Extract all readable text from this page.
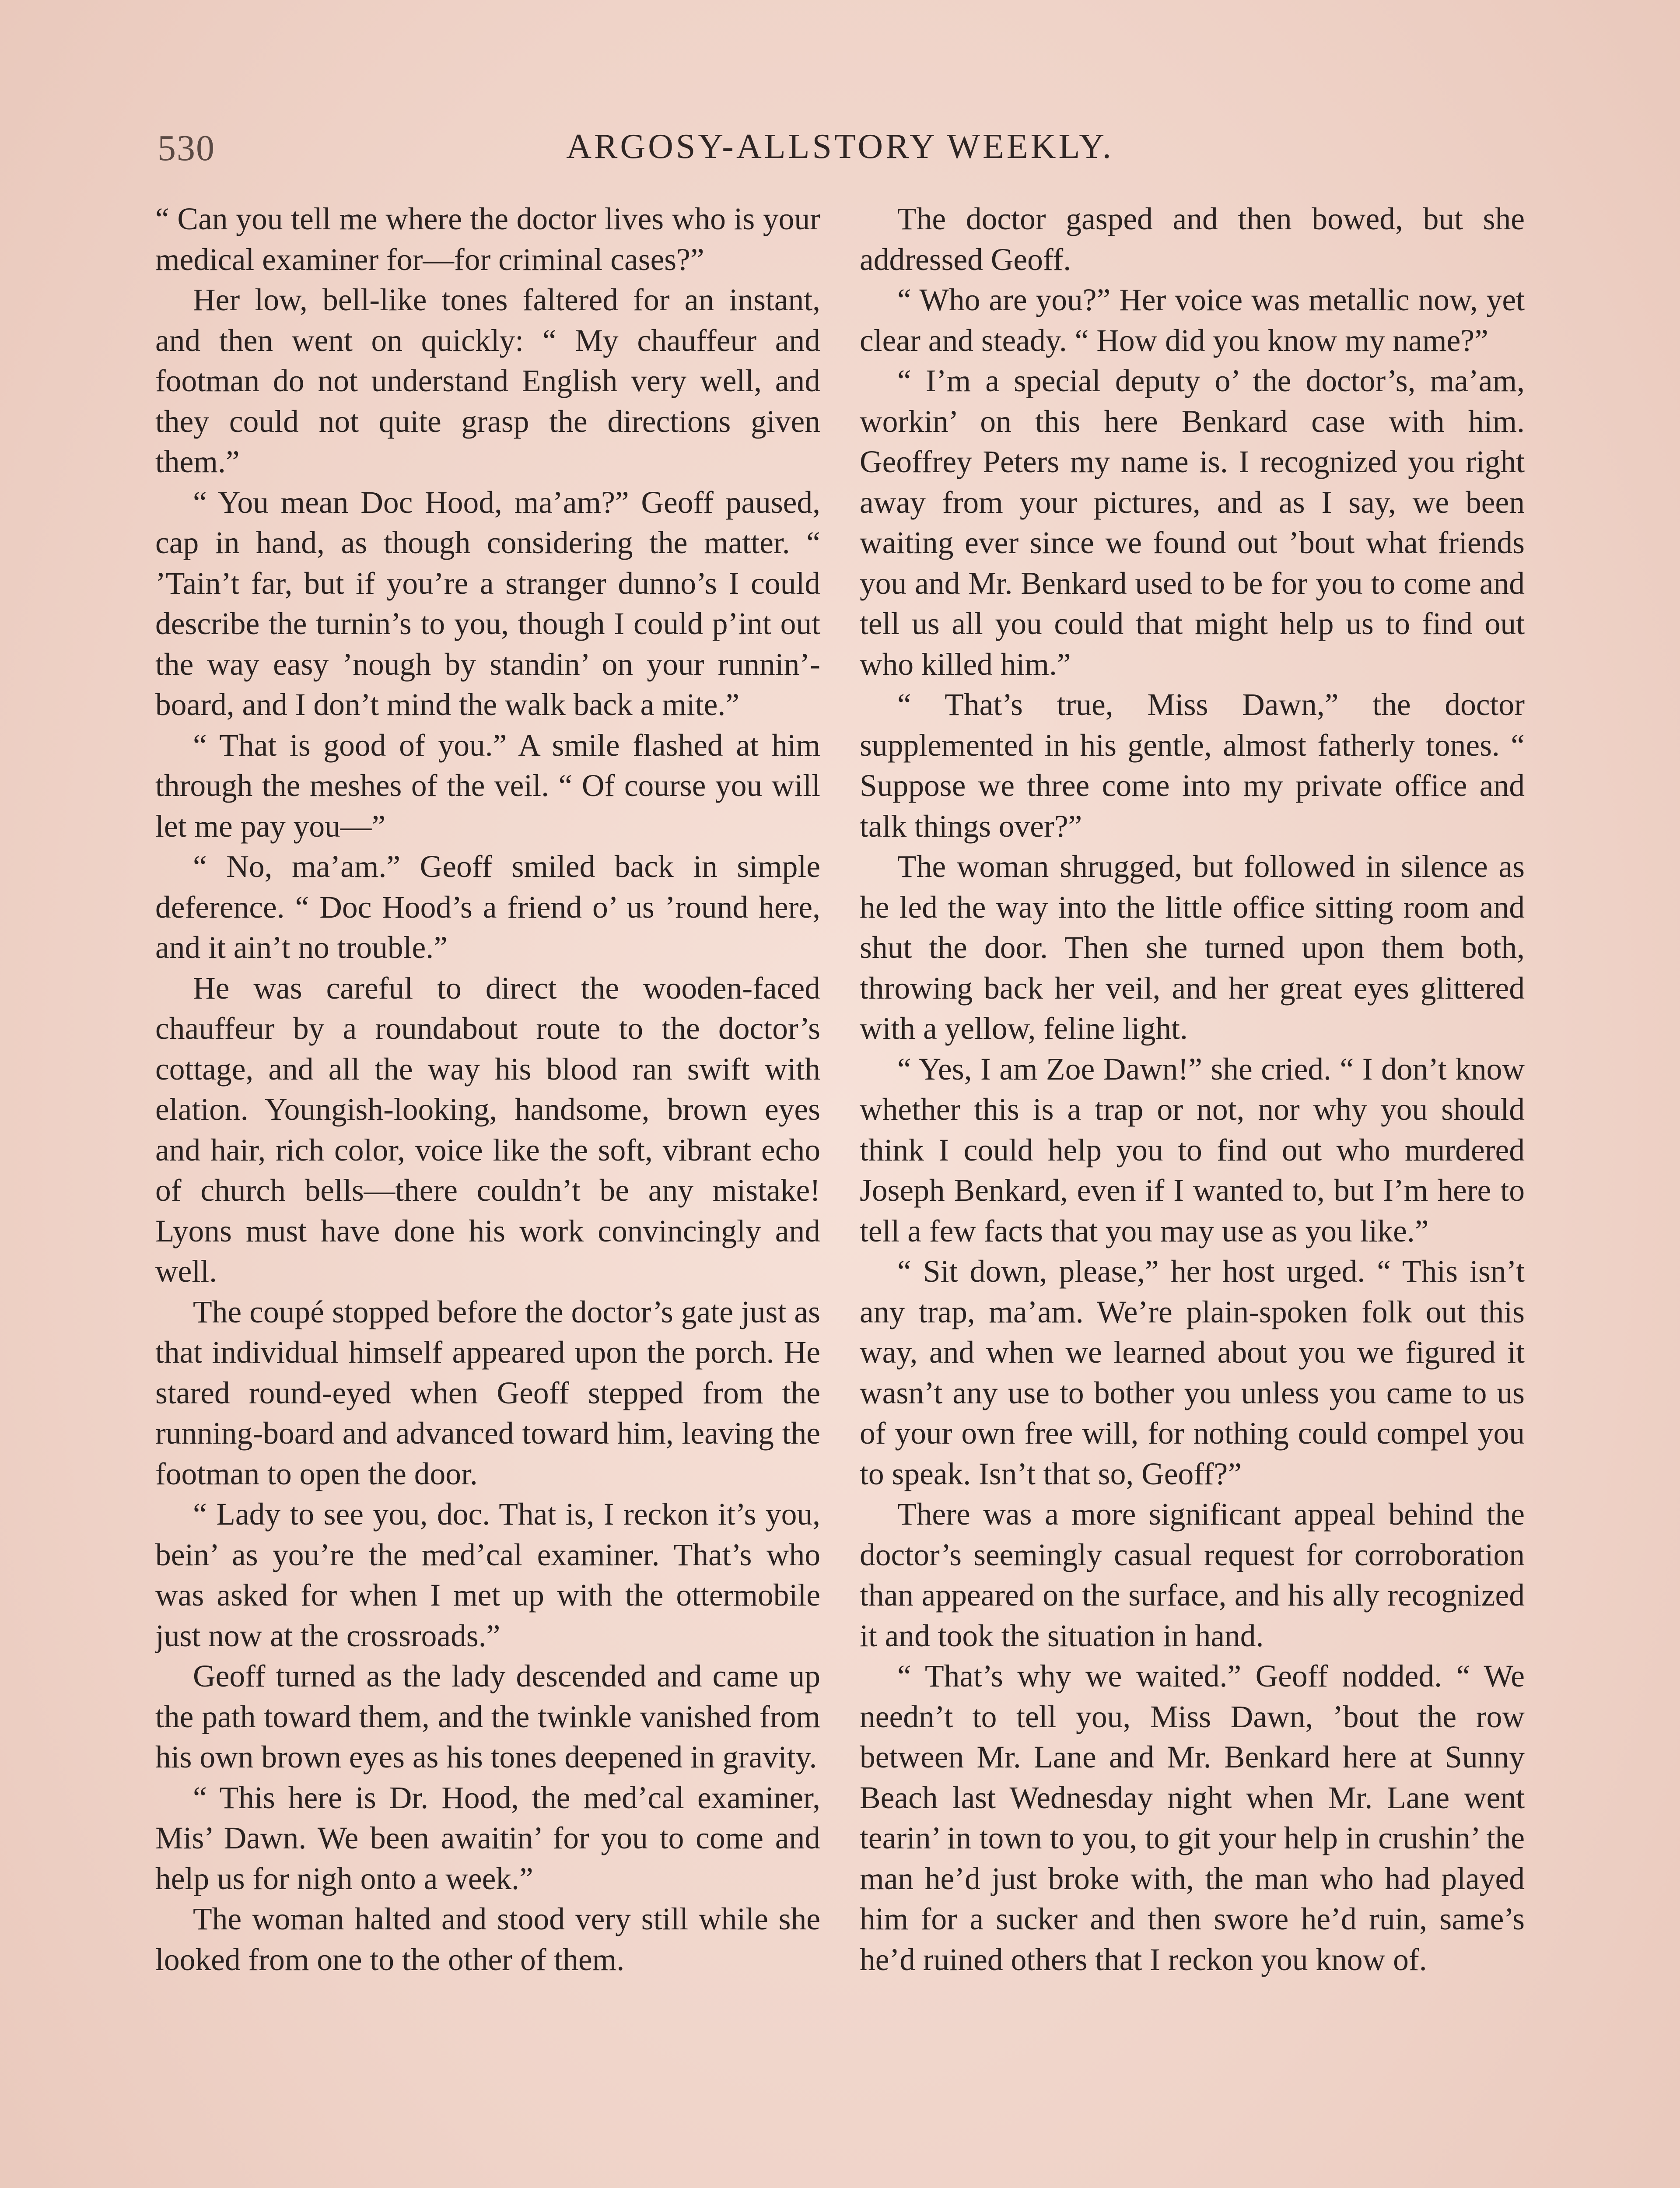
530	ARGOSY-ALLSTORY WEEKLY.

“ Can you tell me where the doctor lives who is your medical examiner for—for criminal cases?”

Her low, bell-like tones faltered for an instant, and then went on quickly: “ My chauffeur and footman do not understand English very well, and they could not quite grasp the directions given them.”

“ You mean Doc Hood, ma’am?” Geoff paused, cap in hand, as though considering the matter. “ ’Tain’t far, but if you’re a stranger dunno’s I could describe the turnin’s to you, though I could p’int out the way easy ’nough by standin’ on your runnin’-board, and I don’t mind the walk back a mite.”

“ That is good of you.” A smile flashed at him through the meshes of the veil. “ Of course you will let me pay you—”

“ No, ma’am.” Geoff smiled back in simple deference. “ Doc Hood’s a friend o’ us ’round here, and it ain’t no trouble.”

He was careful to direct the wooden-faced chauffeur by a roundabout route to the doctor’s cottage, and all the way his blood ran swift with elation. Youngish-looking, handsome, brown eyes and hair, rich color, voice like the soft, vibrant echo of church bells—there couldn’t be any mistake! Lyons must have done his work convincingly and well.

The coupé stopped before the doctor’s gate just as that individual himself appeared upon the porch. He stared round-eyed when Geoff stepped from the running-board and advanced toward him, leaving the footman to open the door.

“ Lady to see you, doc. That is, I reckon it’s you, bein’ as you’re the med’cal examiner. That’s who was asked for when I met up with the ottermobile just now at the crossroads.”

Geoff turned as the lady descended and came up the path toward them, and the twinkle vanished from his own brown eyes as his tones deepened in gravity.

“ This here is Dr. Hood, the med’cal examiner, Mis’ Dawn. We been awaitin’ for you to come and help us for nigh onto a week.”

The woman halted and stood very still while she looked from one to the other of them.

The doctor gasped and then bowed, but she addressed Geoff.

“ Who are you?” Her voice was metallic now, yet clear and steady. “ How did you know my name?”

“ I’m a special deputy o’ the doctor’s, ma’am, workin’ on this here Benkard case with him. Geoffrey Peters my name is. I recognized you right away from your pictures, and as I say, we been waiting ever since we found out ’bout what friends you and Mr. Benkard used to be for you to come and tell us all you could that might help us to find out who killed him.”

“ That’s true, Miss Dawn,” the doctor supplemented in his gentle, almost fatherly tones. “ Suppose we three come into my private office and talk things over?”

The woman shrugged, but followed in silence as he led the way into the little office sitting room and shut the door. Then she turned upon them both, throwing back her veil, and her great eyes glittered with a yellow, feline light.

“ Yes, I am Zoe Dawn!” she cried. “ I don’t know whether this is a trap or not, nor why you should think I could help you to find out who murdered Joseph Benkard, even if I wanted to, but I’m here to tell a few facts that you may use as you like.”

“ Sit down, please,” her host urged. “ This isn’t any trap, ma’am. We’re plain-spoken folk out this way, and when we learned about you we figured it wasn’t any use to bother you unless you came to us of your own free will, for nothing could compel you to speak. Isn’t that so, Geoff?”

There was a more significant appeal behind the doctor’s seemingly casual request for corroboration than appeared on the surface, and his ally recognized it and took the situation in hand.

“ That’s why we waited.” Geoff nodded. “ We needn’t to tell you, Miss Dawn, ’bout the row between Mr. Lane and Mr. Benkard here at Sunny Beach last Wednesday night when Mr. Lane went tearin’ in town to you, to git your help in crushin’ the man he’d just broke with, the man who had played him for a sucker and then swore he’d ruin, same’s he’d ruined others that I reckon you know of.
